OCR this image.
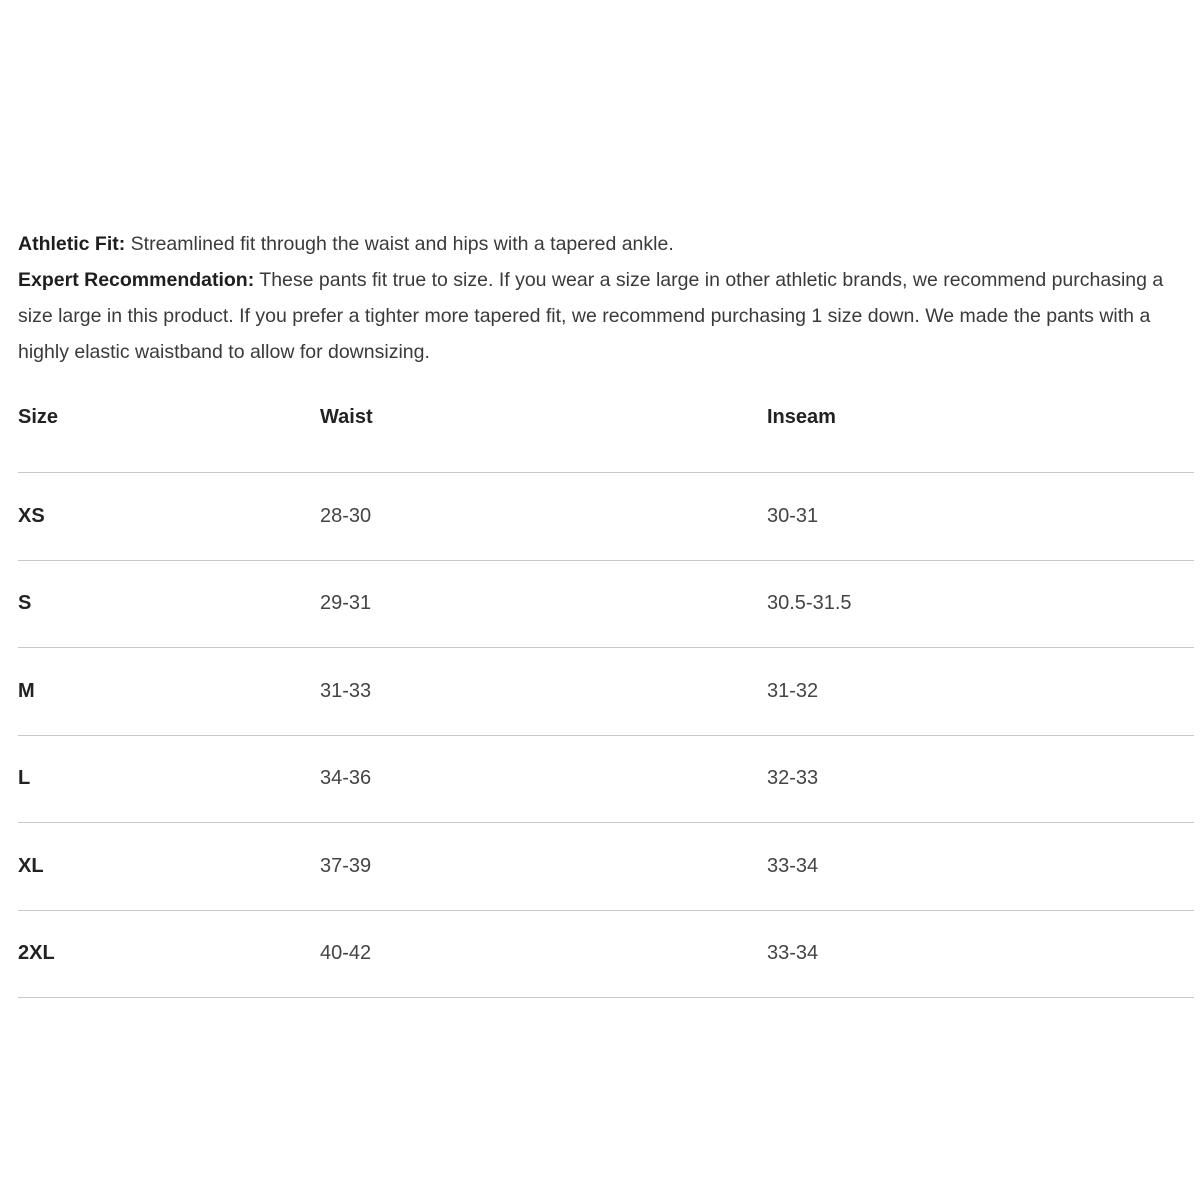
Athletic Fit: Streamlined fit through the waist and hips with a tapered ankle.

Expert Recommendation: These pants fit true to size. If you wear a size large in other athletic brands, we recommend purchasing a size large in this product. If you prefer a tighter more tapered fit, we recommend purchasing 1 size down. We made the pants with a highly elastic waistband to allow for downsizing.

Size	Waist	Inseam
XS	28-30	30-31
S	29-31	30.5-31.5
M	31-33	31-32
L	34-36	32-33
XL	37-39	33-34
2XL	40-42	33-34
